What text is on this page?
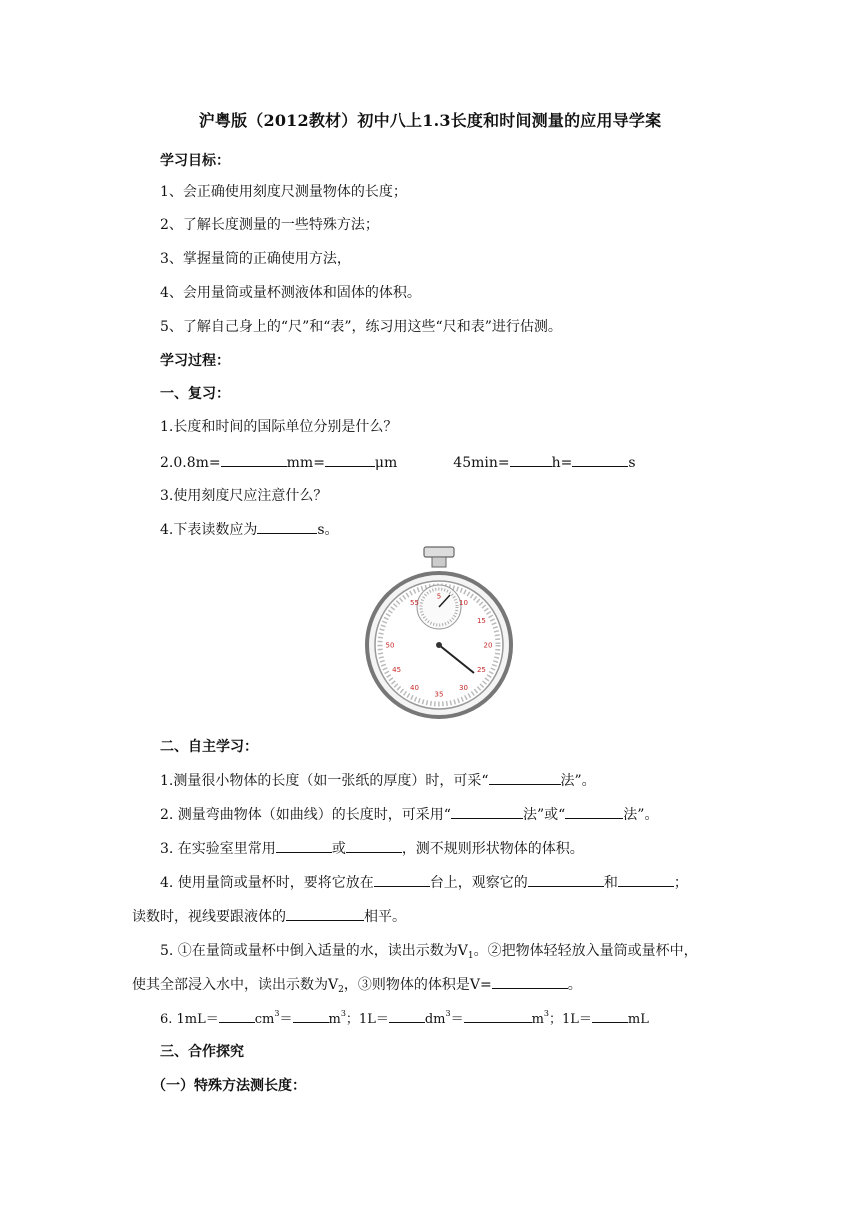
沪粤版（2012教材）初中八上1.3长度和时间测量的应用导学案
学习目标：
1、会正确使用刻度尺测量物体的长度；
2、了解长度测量的一些特殊方法；
3、掌握量筒的正确使用方法，
4、会用量筒或量杯测液体和固体的体积。
5、了解自己身上的“尺”和“表”，练习用这些“尺和表”进行估测。
学习过程：
一、复习：
1.长度和时间的国际单位分别是什么？
2.0.8m=	mm=	μm	45min=	h=	s
3.使用刻度尺应注意什么？
4.下表读数应为	s。
55
5
10
15
20
25
30
35
40
45
50
二、自主学习：
1.测量很小物体的长度（如一张纸的厚度）时，可采“	法”。
2. 测量弯曲物体（如曲线）的长度时，可采用“	法”或“	法”。
3. 在实验室里常用	或	，测不规则形状物体的体积。
4. 使用量筒或量杯时，要将它放在	台上，观察它的	和	；
读数时，视线要跟液体的	相平。
5. ①在量筒或量杯中倒入适量的水，读出示数为$V_1$。②把物体轻轻放入量筒或量杯中，
使其全部浸入水中，读出示数为$V_2$，③则物体的体积是V=	。
6. 1mL＝	$cm^3=$	$m^3$；1L＝	$dm^3=$	$m^3$；1L＝	mL
三、合作探究
（一）特殊方法测长度：
